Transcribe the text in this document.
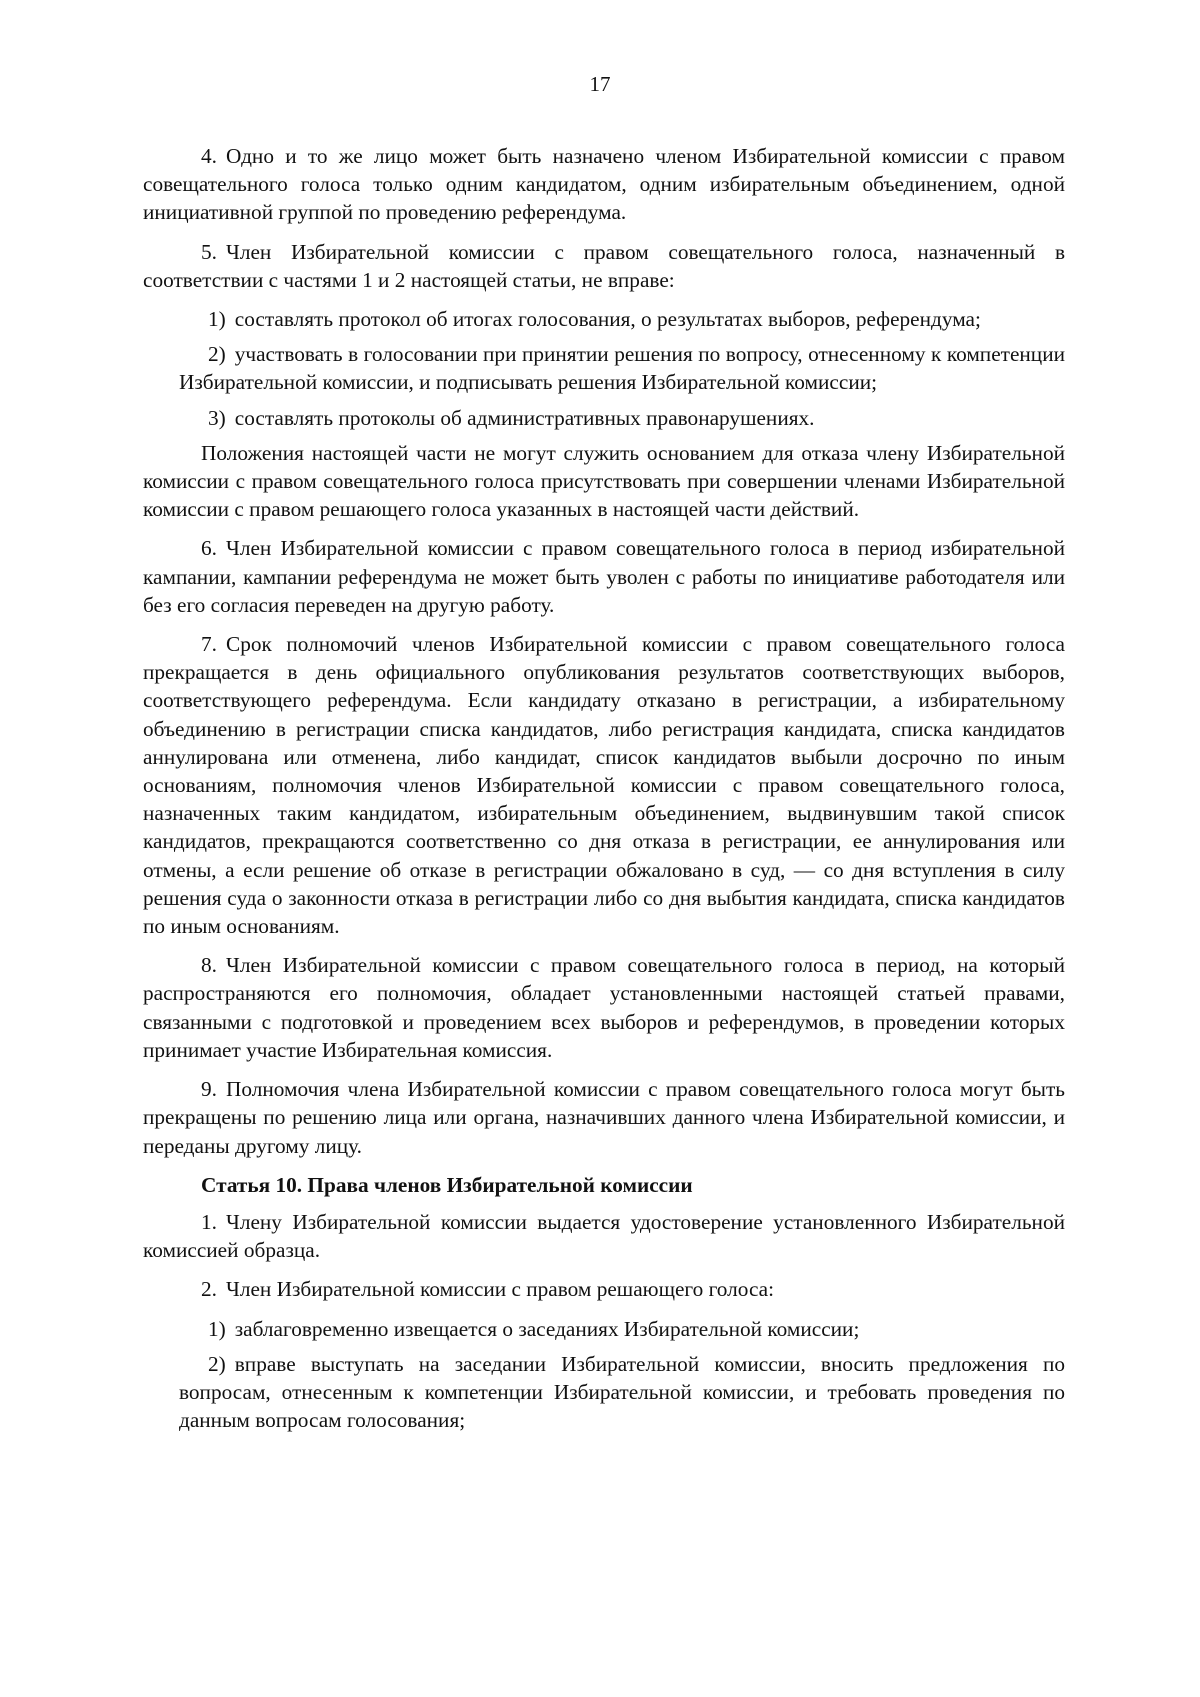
17

4. Одно и то же лицо может быть назначено членом Избирательной комиссии с правом совещательного голоса только одним кандидатом, одним избирательным объединением, одной инициативной группой по проведению референдума.

5. Член Избирательной комиссии с правом совещательного голоса, назначенный в соответствии с частями 1 и 2 настоящей статьи, не вправе:

1) составлять протокол об итогах голосования, о результатах выборов, референдума;

2) участвовать в голосовании при принятии решения по вопросу, отнесенному к компетенции Избирательной комиссии, и подписывать решения Избирательной комиссии;

3) составлять протоколы об административных правонарушениях.

Положения настоящей части не могут служить основанием для отказа члену Избирательной комиссии с правом совещательного голоса присутствовать при совершении членами Избирательной комиссии с правом решающего голоса указанных в настоящей части действий.

6. Член Избирательной комиссии с правом совещательного голоса в период избирательной кампании, кампании референдума не может быть уволен с работы по инициативе работодателя или без его согласия переведен на другую работу.

7. Срок полномочий членов Избирательной комиссии с правом совещательного голоса прекращается в день официального опубликования результатов соответствующих выборов, соответствующего референдума. Если кандидату отказано в регистрации, а избирательному объединению в регистрации списка кандидатов, либо регистрация кандидата, списка кандидатов аннулирована или отменена, либо кандидат, список кандидатов выбыли досрочно по иным основаниям, полномочия членов Избирательной комиссии с правом совещательного голоса, назначенных таким кандидатом, избирательным объединением, выдвинувшим такой список кандидатов, прекращаются соответственно со дня отказа в регистрации, ее аннулирования или отмены, а если решение об отказе в регистрации обжаловано в суд, — со дня вступления в силу решения суда о законности отказа в регистрации либо со дня выбытия кандидата, списка кандидатов по иным основаниям.

8. Член Избирательной комиссии с правом совещательного голоса в период, на который распространяются его полномочия, обладает установленными настоящей статьей правами, связанными с подготовкой и проведением всех выборов и референдумов, в проведении которых принимает участие Избирательная комиссия.

9. Полномочия члена Избирательной комиссии с правом совещательного голоса могут быть прекращены по решению лица или органа, назначивших данного члена Избирательной комиссии, и переданы другому лицу.

Статья 10. Права членов Избирательной комиссии

1. Члену Избирательной комиссии выдается удостоверение установленного Избирательной комиссией образца.

2. Член Избирательной комиссии с правом решающего голоса:

1) заблаговременно извещается о заседаниях Избирательной комиссии;

2) вправе выступать на заседании Избирательной комиссии, вносить предложения по вопросам, отнесенным к компетенции Избирательной комиссии, и требовать проведения по данным вопросам голосования;
